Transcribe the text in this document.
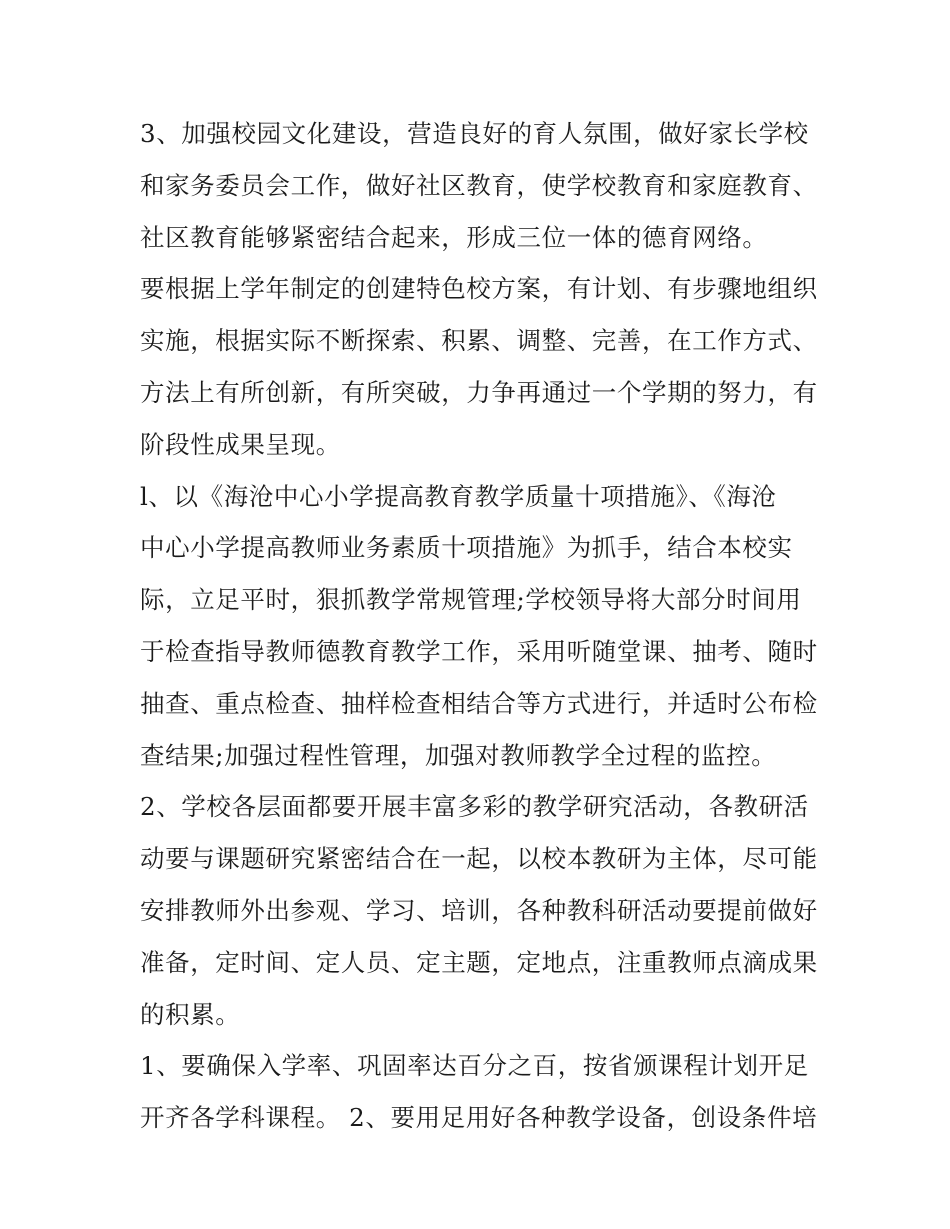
3、加强校园文化建设，营造良好的育人氛围，做好家长学校
和家务委员会工作，做好社区教育，使学校教育和家庭教育、
社区教育能够紧密结合起来，形成三位一体的德育网络。
要根据上学年制定的创建特色校方案，有计划、有步骤地组织
实施，根据实际不断探索、积累、调整、完善，在工作方式、
方法上有所创新，有所突破，力争再通过一个学期的努力，有
阶段性成果呈现。
l、以《海沧中心小学提高教育教学质量十项措施》、《海沧
中心小学提高教师业务素质十项措施》为抓手，结合本校实
际，立足平时，狠抓教学常规管理;学校领导将大部分时间用
于检查指导教师德教育教学工作，采用听随堂课、抽考、随时
抽查、重点检查、抽样检查相结合等方式进行，并适时公布检
查结果;加强过程性管理，加强对教师教学全过程的监控。
2、学校各层面都要开展丰富多彩的教学研究活动，各教研活
动要与课题研究紧密结合在一起，以校本教研为主体，尽可能
安排教师外出参观、学习、培训，各种教科研活动要提前做好
准备，定时间、定人员、定主题，定地点，注重教师点滴成果
的积累。
1、要确保入学率、巩固率达百分之百，按省颁课程计划开足
开齐各学科课程。 2、要用足用好各种教学设备，创设条件培
